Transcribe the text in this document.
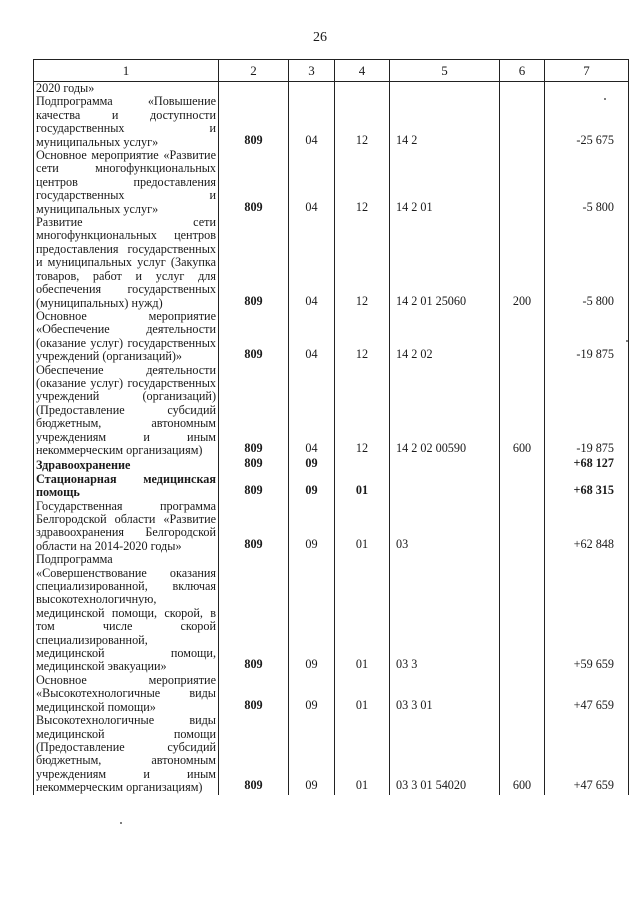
26
1	2	3	4	5	6	7

2020 годы»						

Подпрограмма «Повышение качества и доступности государственных и муниципальных услуг»	809	04	12	14 2		-25 675

Основное мероприятие «Развитие сети многофункциональных центров предоставления государственных и муниципальных услуг»	809	04	12	14 2 01		-5 800

Развитие сети многофункциональных центров предоставления государственных и муниципальных услуг (Закупка товаров, работ и услуг для обеспечения государственных (муниципальных) нужд)	809	04	12	14 2 01 25060	200	-5 800

Основное мероприятие «Обеспечение деятельности (оказание услуг) государственных учреждений (организаций)»	809	04	12	14 2 02		-19 875

Обеспечение деятельности (оказание услуг) государственных учреждений (организаций) (Предоставление субсидий бюджетным, автономным учреждениям и иным некоммерческим организациям)	809	04	12	14 2 02 00590	600	-19 875

Здравоохранение	809	09				+68 127

Стационарная медицинская помощь	809	09	01			+68 315

Государственная программа Белгородской области «Развитие здравоохранения Белгородской области на 2014-2020 годы»	809	09	01	03		+62 848

Подпрограмма «Совершенствование оказания специализированной, включая высокотехнологичную, медицинской помощи, скорой, в том числе скорой специализированной, медицинской помощи, медицинской эвакуации»	809	09	01	03 3		+59 659

Основное мероприятие «Высокотехнологичные виды медицинской помощи»	809	09	01	03 3 01		+47 659

Высокотехнологичные виды медицинской помощи (Предоставление субсидий бюджетным, автономным учреждениям и иным некоммерческим организациям)	809	09	01	03 3 01 54020	600	+47 659
